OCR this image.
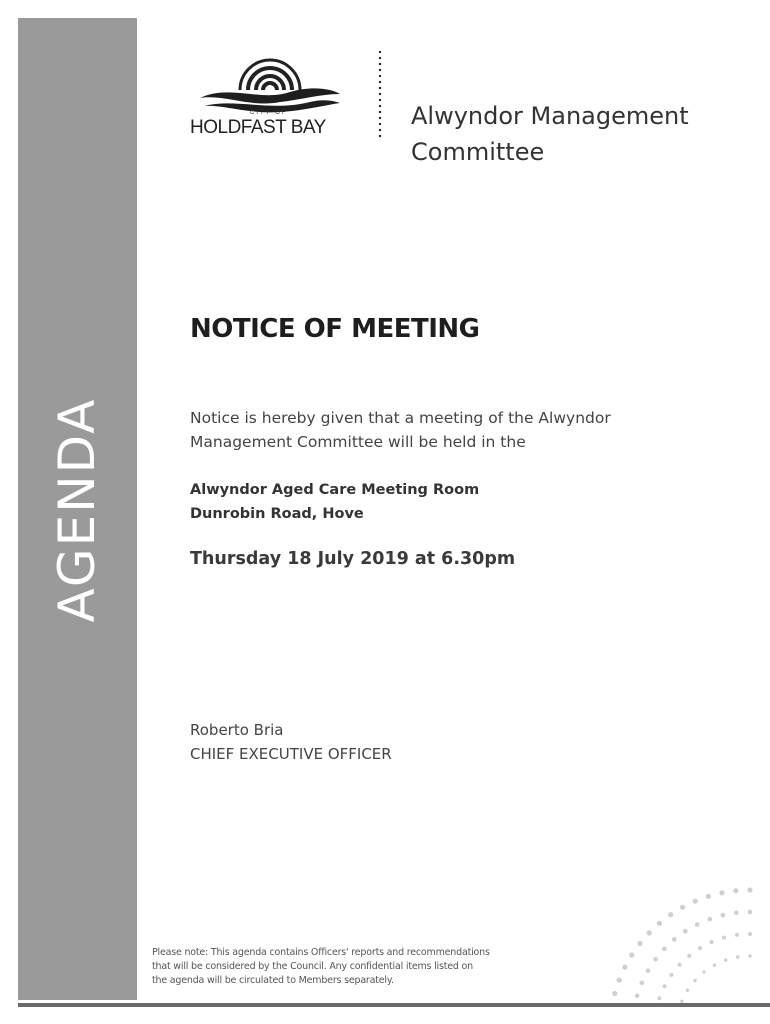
AGENDA
CITY OF
HOLDFAST BAY	Alwyndor Management
Committee
NOTICE OF MEETING
Notice is hereby given that a meeting of the Alwyndor
Management Committee will be held in the
Alwyndor Aged Care Meeting Room
Dunrobin Road, Hove
Thursday 18 July 2019 at 6.30pm
Roberto Bria
CHIEF EXECUTIVE OFFICER
Please note: This agenda contains Officers' reports and recommendations
that will be considered by the Council. Any confidential items listed on
the agenda will be circulated to Members separately.
